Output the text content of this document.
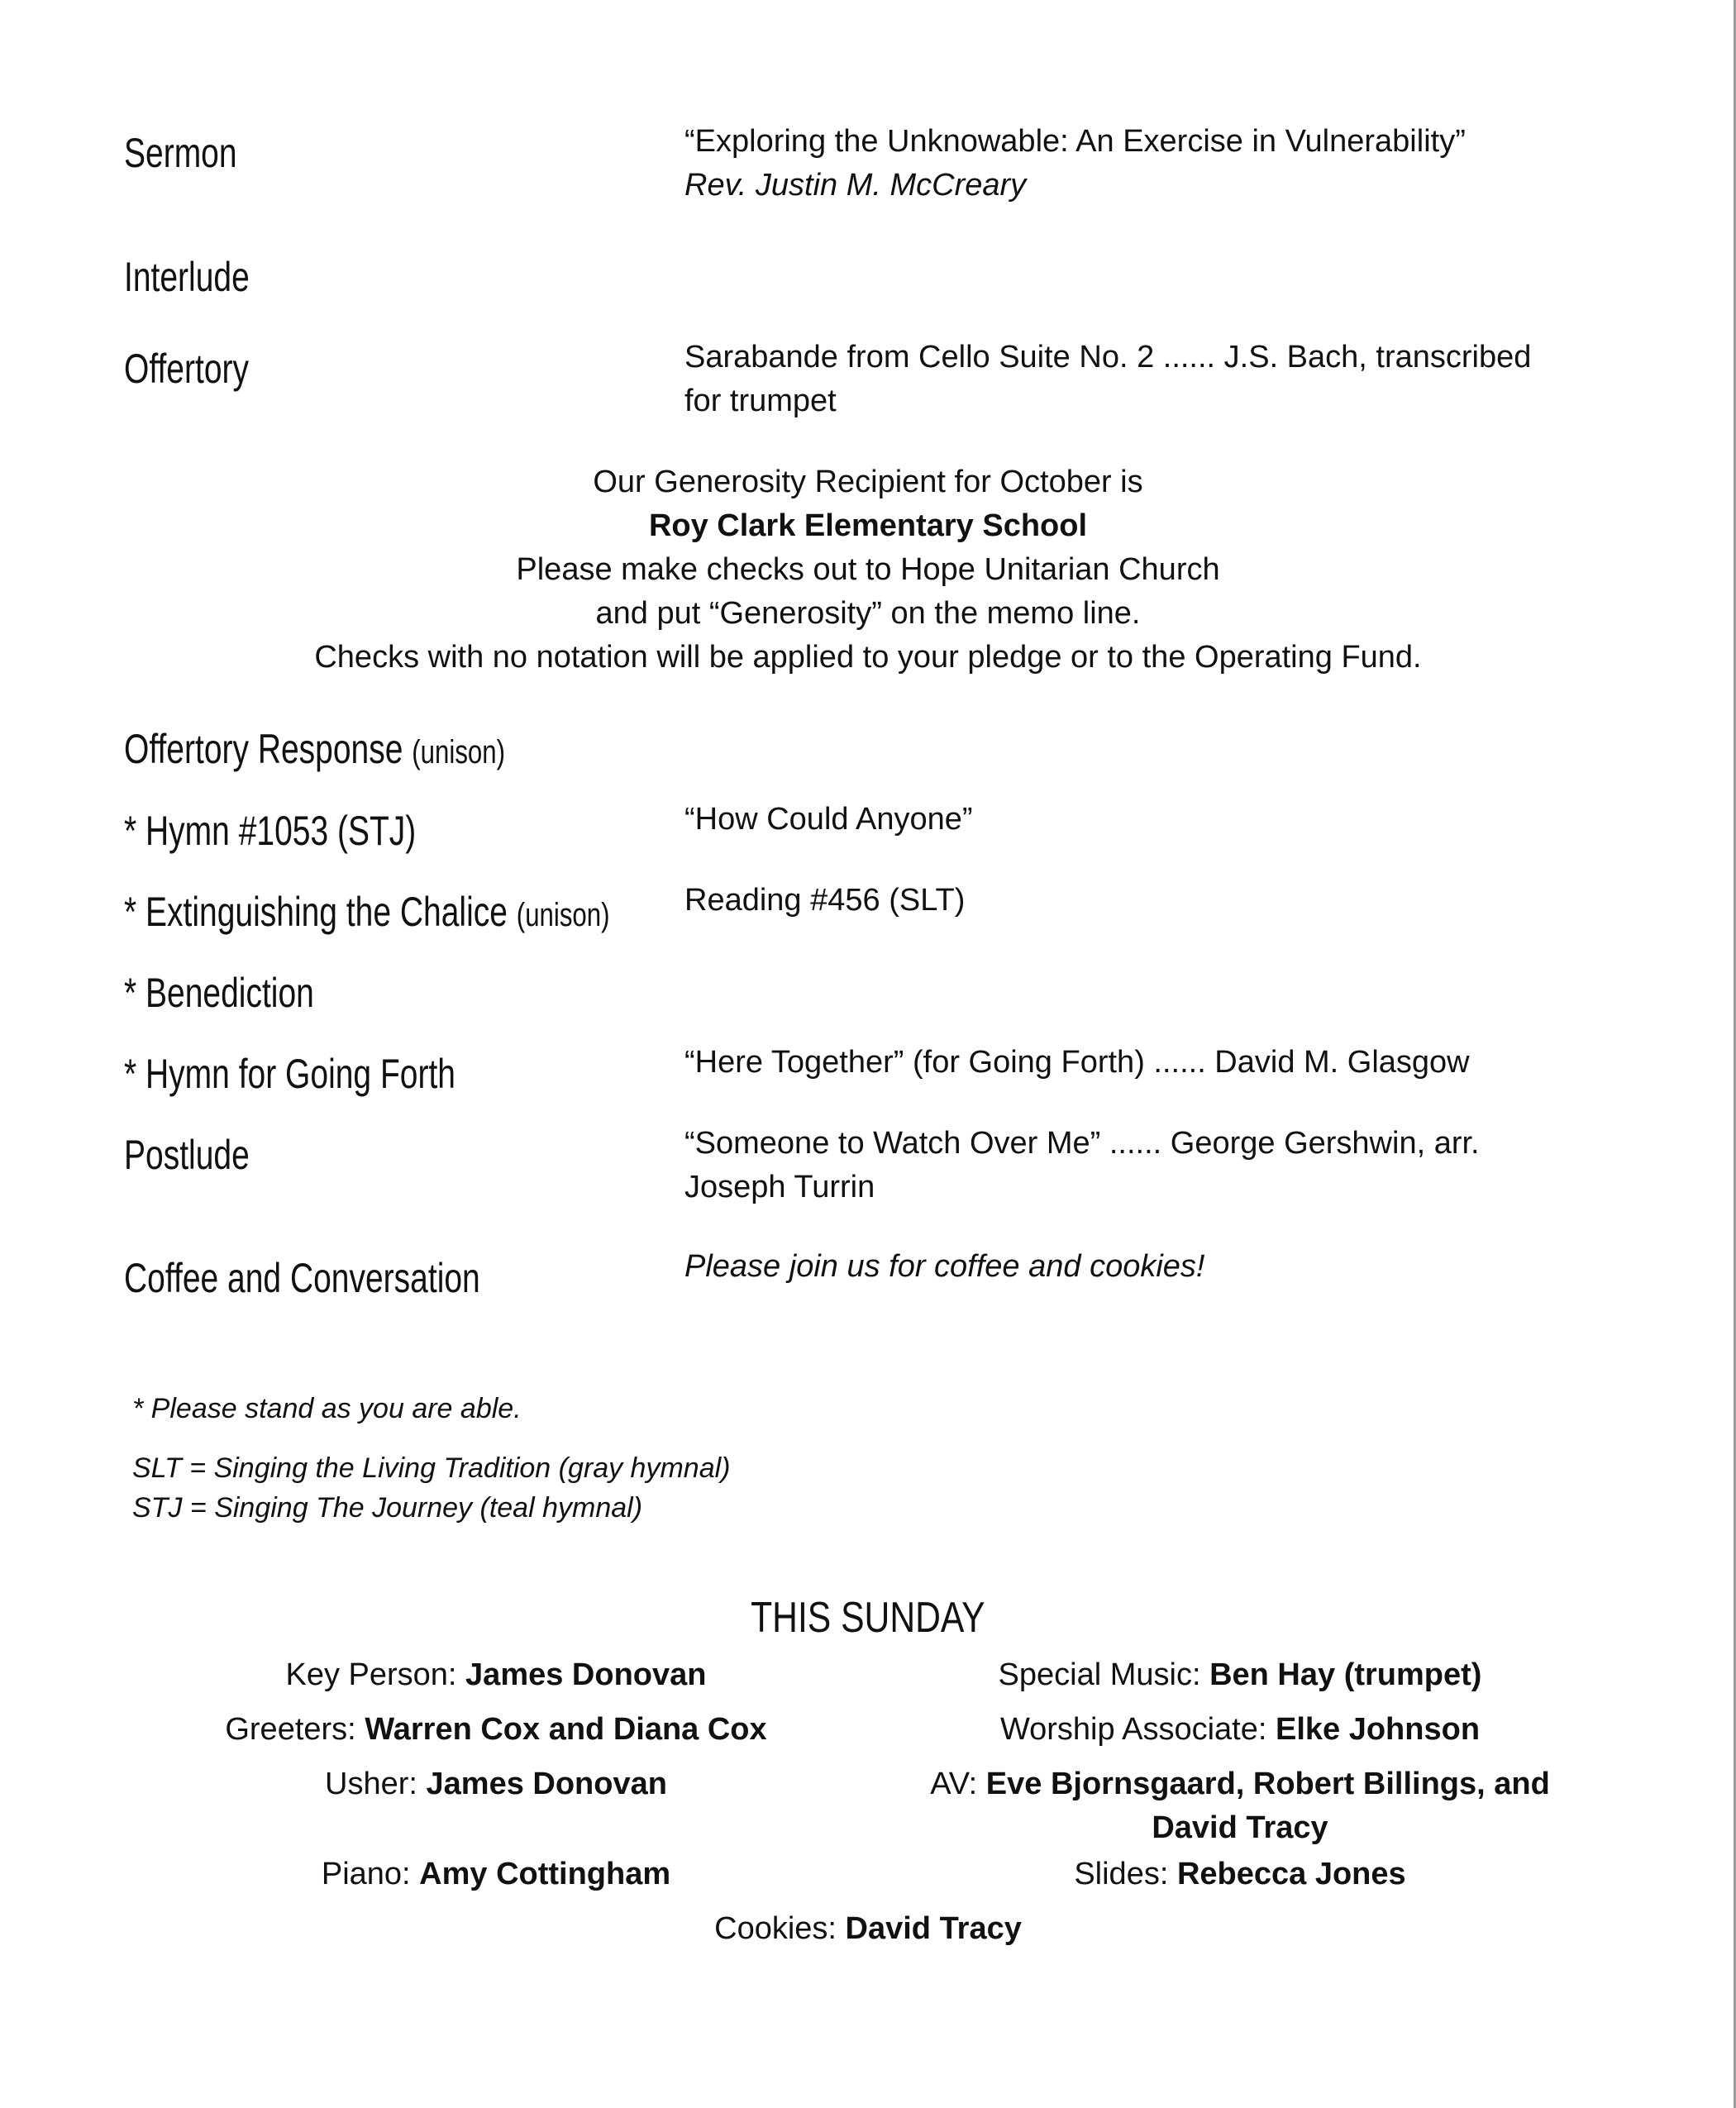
Sermon	“Exploring the Unknowable: An Exercise in Vulnerability”
Rev. Justin M. McCreary
Interlude
Offertory	Sarabande from Cello Suite No. 2 ...... J.S. Bach, transcribed
for trumpet
Our Generosity Recipient for October is
Roy Clark Elementary School
Please make checks out to Hope Unitarian Church
and put “Generosity” on the memo line.
Checks with no notation will be applied to your pledge or to the Operating Fund.
Offertory Response (unison)
* Hymn #1053 (STJ)	“How Could Anyone”
* Extinguishing the Chalice (unison) Reading #456 (SLT)
* Benediction
* Hymn for Going Forth	“Here Together” (for Going Forth) ...... David M. Glasgow
Postlude	“Someone to Watch Over Me” ...... George Gershwin, arr.
Joseph Turrin
Coffee and Conversation	Please join us for coffee and cookies!
* Please stand as you are able.
SLT = Singing the Living Tradition (gray hymnal)
STJ = Singing The Journey (teal hymnal)
THIS SUNDAY
Key Person: James Donovan	Special Music: Ben Hay (trumpet)
Greeters: Warren Cox and Diana Cox	Worship Associate: Elke Johnson
Usher: James Donovan	AV: Eve Bjornsgaard, Robert Billings, and David Tracy
Piano: Amy Cottingham	Slides: Rebecca Jones
Cookies: David Tracy
